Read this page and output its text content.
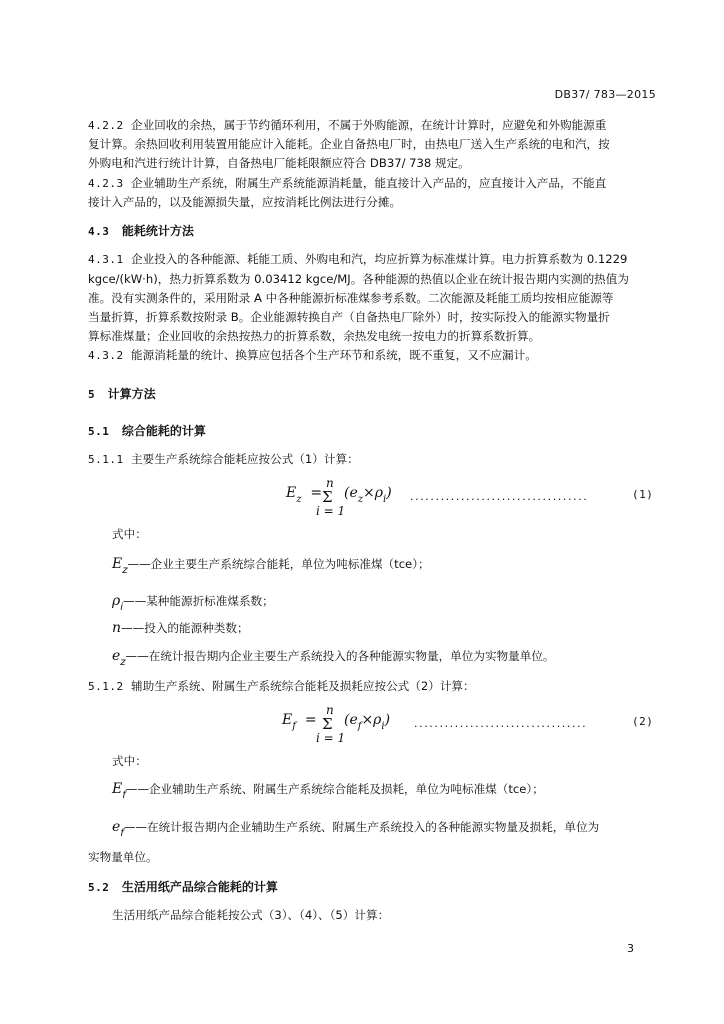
DB37/ 783—2015
4.2.2 企业回收的余热，属于节约循环利用，不属于外购能源，在统计计算时，应避免和外购能源重
复计算。余热回收利用装置用能应计入能耗。企业自备热电厂时，由热电厂送入生产系统的电和汽，按
外购电和汽进行统计计算，自备热电厂能耗限额应符合 DB37/ 738 规定。
4.2.3 企业辅助生产系统，附属生产系统能源消耗量，能直接计入产品的，应直接计入产品，不能直
接计入产品的，以及能源损失量，应按消耗比例法进行分摊。
4.3 能耗统计方法
4.3.1 企业投入的各种能源、耗能工质、外购电和汽，均应折算为标准煤计算。电力折算系数为 0.1229
kgce/(kW·h)，热力折算系数为 0.03412 kgce/MJ。各种能源的热值以企业在统计报告期内实测的热值为
准。没有实测条件的，采用附录 A 中各种能源折标准煤参考系数。二次能源及耗能工质均按相应能源等
当量折算，折算系数按附录 B。企业能源转换自产（自备热电厂除外）时，按实际投入的能源实物量折
算标准煤量；企业回收的余热按热力的折算系数，余热发电统一按电力的折算系数折算。
4.3.2 能源消耗量的统计、换算应包括各个生产环节和系统，既不重复，又不应漏计。
5 计算方法
5.1 综合能耗的计算
5.1.1 主要生产系统综合能耗应按公式（1）计算：
$E_z$ =
n
Σ
i = 1
$(e_z\times\rho_i)$ ...................................	(1)
式中：
Ez——企业主要生产系统综合能耗，单位为吨标准煤（tce）；
ρi——某种能源折标准煤系数；
n——投入的能源种类数；
ez——在统计报告期内企业主要生产系统投入的各种能源实物量，单位为实物量单位。
5.1.2 辅助生产系统、附属生产系统综合能耗及损耗应按公式（2）计算：
$E_f$ =
n
Σ
i = 1
$(e_f\times\rho_i)$ ..................................	(2)
式中：
Ef——企业辅助生产系统、附属生产系统综合能耗及损耗，单位为吨标准煤（tce）；
ef——在统计报告期内企业辅助生产系统、附属生产系统投入的各种能源实物量及损耗，单位为
实物量单位。
5.2 生活用纸产品综合能耗的计算
生活用纸产品综合能耗按公式（3）、（4）、（5）计算：
3
